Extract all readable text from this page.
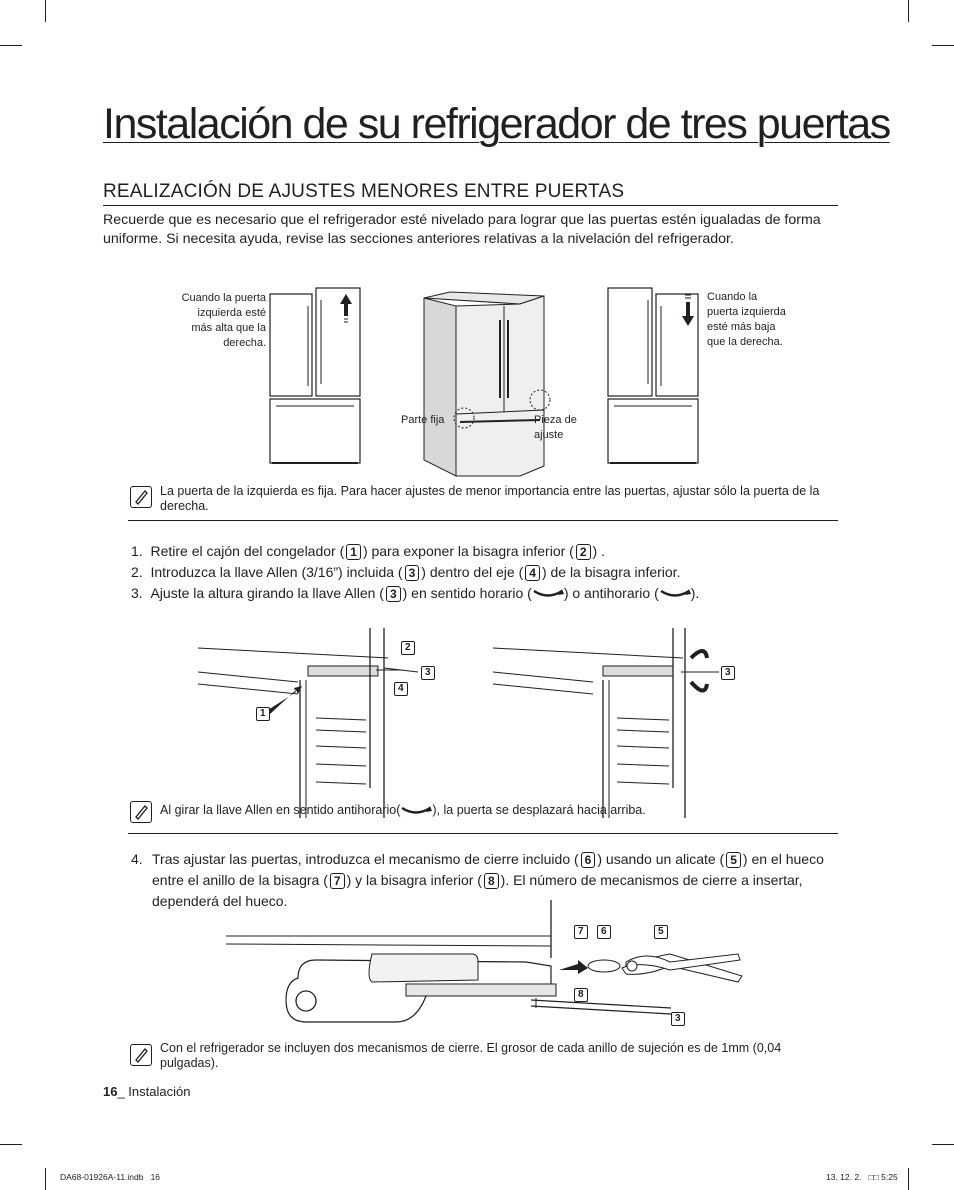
Instalación de su refrigerador de tres puertas
REALIZACIÓN DE AJUSTES MENORES ENTRE PUERTAS
Recuerde que es necesario que el refrigerador esté nivelado para lograr que las puertas estén igualadas de forma uniforme. Si necesita ayuda, revise las secciones anteriores relativas a la nivelación del refrigerador.
Cuando la puerta izquierda esté más alta que la derecha.
Parte fija	Pieza de ajuste
Cuando la puerta izquierda esté más baja que la derecha.
La puerta de la izquierda es fija. Para hacer ajustes de menor importancia entre las puertas, ajustar sólo la puerta de la derecha.
1. Retire el cajón del congelador ( 1 ) para exponer la bisagra inferior ( 2 ) .
2. Introduzca la llave Allen (3/16”) incluida ( 3 ) dentro del eje ( 4 ) de la bisagra inferior.
3. Ajuste la altura girando la llave Allen ( 3 ) en sentido horario ( ) o antihorario ( ).
1
2
3
4
3
Al girar la llave Allen en sentido antihorario(	), la puerta se desplazará hacia arriba.
4. Tras ajustar las puertas, introduzca el mecanismo de cierre incluido ( 6 ) usando un alicate ( 5 ) en el hueco entre el anillo de la bisagra ( 7 ) y la bisagra inferior ( 8 ). El número de mecanismos de cierre a insertar, dependerá del hueco.
7	6	5
8
3
Con el refrigerador se incluyen dos mecanismos de cierre. El grosor de cada anillo de sujeción es de 1mm (0,04 pulgadas).
16_ Instalación
DA68-01926A-11.indb   16	13. 12. 2.   □□ 5:25
